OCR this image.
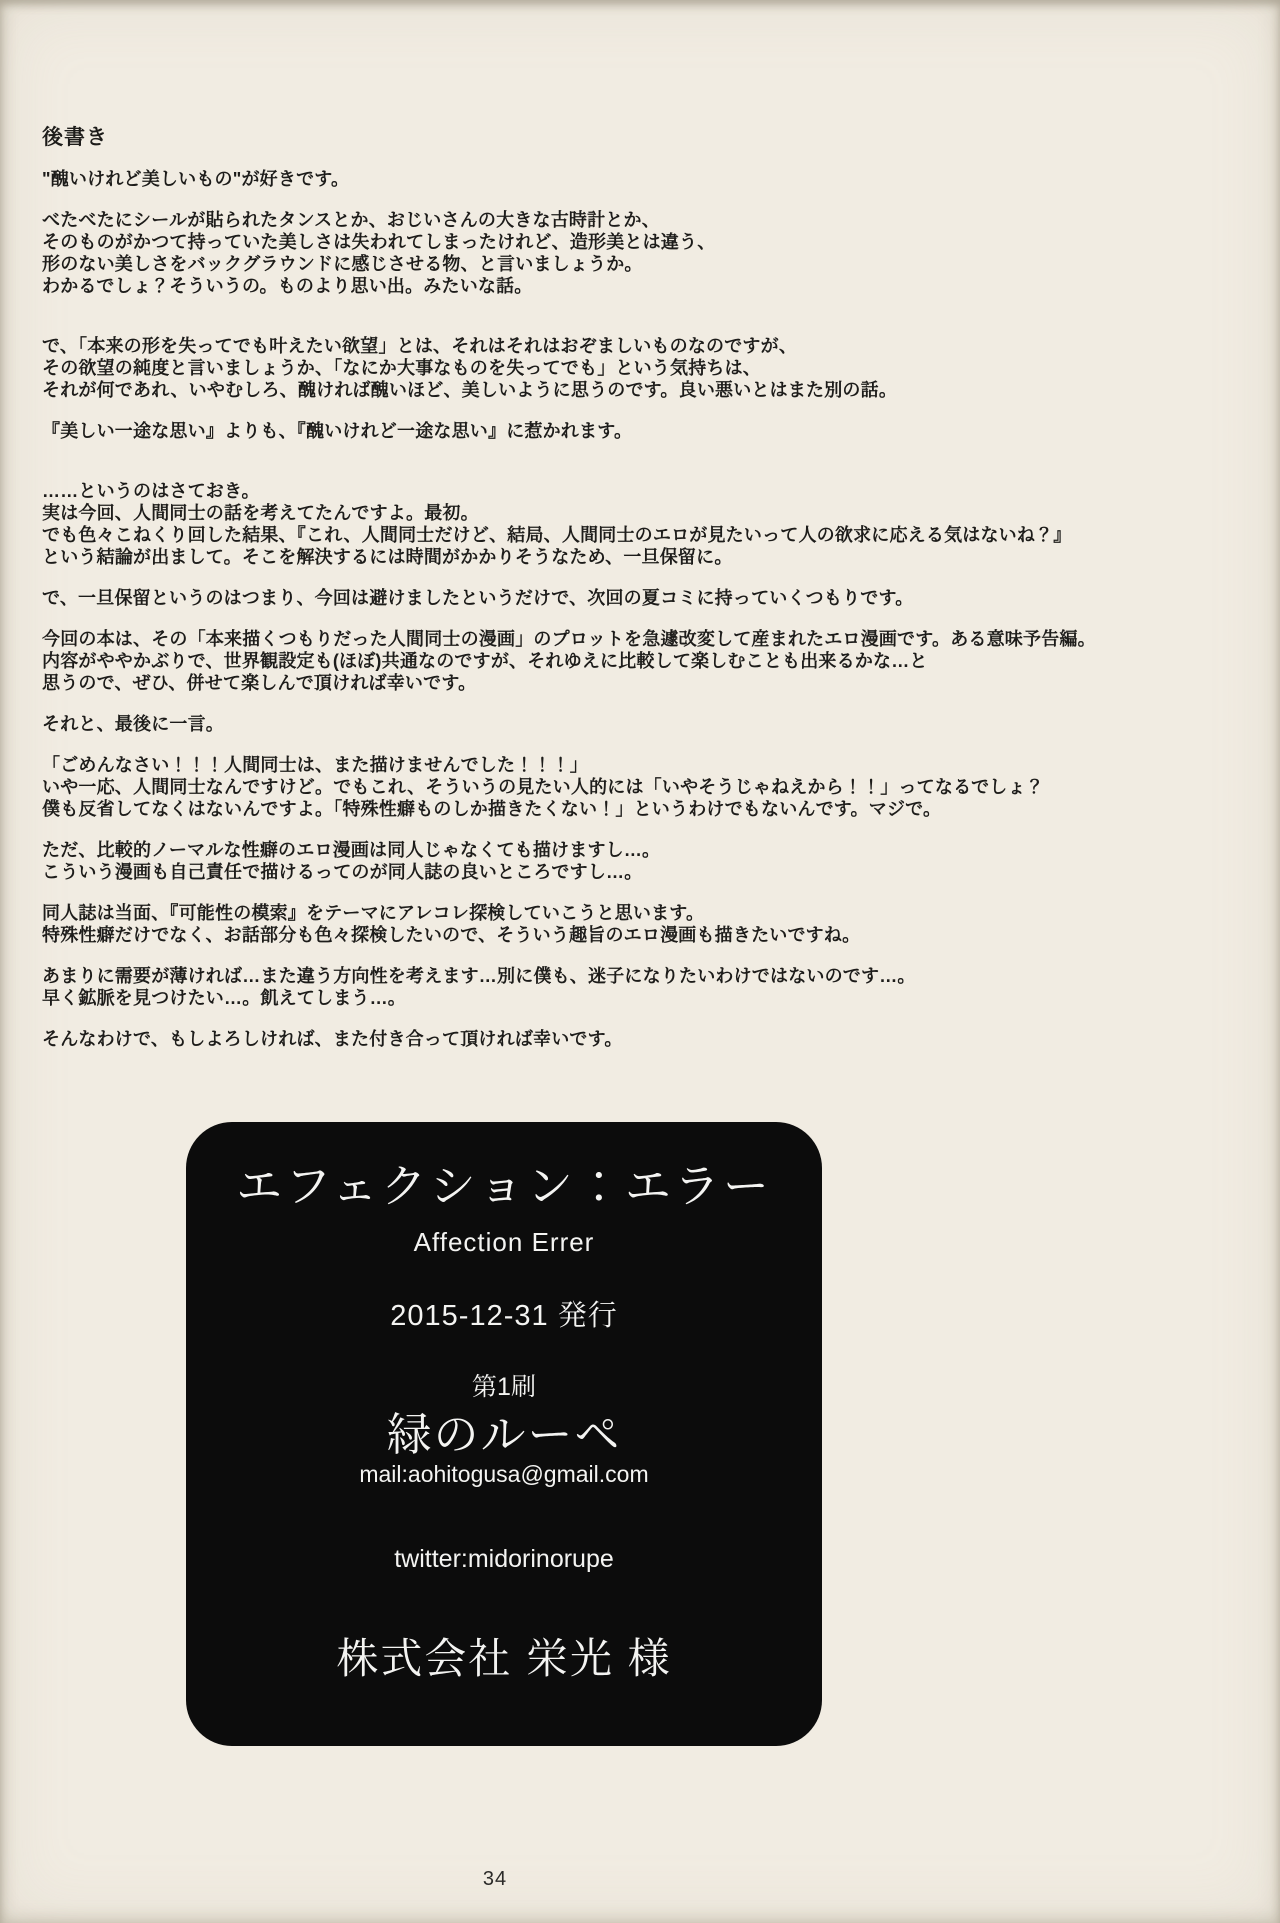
後書き

"醜いけれど美しいもの"が好きです。

べたべたにシールが貼られたタンスとか、おじいさんの大きな古時計とか、
そのものがかつて持っていた美しさは失われてしまったけれど、造形美とは違う、
形のない美しさをバックグラウンドに感じさせる物、と言いましょうか。
わかるでしょ？そういうの。ものより思い出。みたいな話。

で、「本来の形を失ってでも叶えたい欲望」とは、それはそれはおぞましいものなのですが、
その欲望の純度と言いましょうか、「なにか大事なものを失ってでも」という気持ちは、
それが何であれ、いやむしろ、醜ければ醜いほど、美しいように思うのです。良い悪いとはまた別の話。

『美しい一途な思い』よりも、『醜いけれど一途な思い』に惹かれます。

……というのはさておき。
実は今回、人間同士の話を考えてたんですよ。最初。
でも色々こねくり回した結果、『これ、人間同士だけど、結局、人間同士のエロが見たいって人の欲求に応える気はないね？』
という結論が出まして。そこを解決するには時間がかかりそうなため、一旦保留に。

で、一旦保留というのはつまり、今回は避けましたというだけで、次回の夏コミに持っていくつもりです。

今回の本は、その「本来描くつもりだった人間同士の漫画」のプロットを急遽改変して産まれたエロ漫画です。ある意味予告編。
内容がややかぶりで、世界観設定も(ほぼ)共通なのですが、それゆえに比較して楽しむことも出来るかな…と
思うので、ぜひ、併せて楽しんで頂ければ幸いです。

それと、最後に一言。

「ごめんなさい！！！人間同士は、また描けませんでした！！！」
いや一応、人間同士なんですけど。でもこれ、そういうの見たい人的には「いやそうじゃねえから！！」ってなるでしょ？
僕も反省してなくはないんですよ。「特殊性癖ものしか描きたくない！」というわけでもないんです。マジで。

ただ、比較的ノーマルな性癖のエロ漫画は同人じゃなくても描けますし…。
こういう漫画も自己責任で描けるってのが同人誌の良いところですし…。

同人誌は当面、『可能性の模索』をテーマにアレコレ探検していこうと思います。
特殊性癖だけでなく、お話部分も色々探検したいので、そういう趣旨のエロ漫画も描きたいですね。

あまりに需要が薄ければ…また違う方向性を考えます…別に僕も、迷子になりたいわけではないのです…。
早く鉱脈を見つけたい…。飢えてしまう…。

そんなわけで、もしよろしければ、また付き合って頂ければ幸いです。

エフェクション：エラー
Affection Errer
2015-12-31 発行
第1刷
緑のルーペ
mail:aohitogusa@gmail.com
twitter:midorinorupe
株式会社 栄光 様
34
